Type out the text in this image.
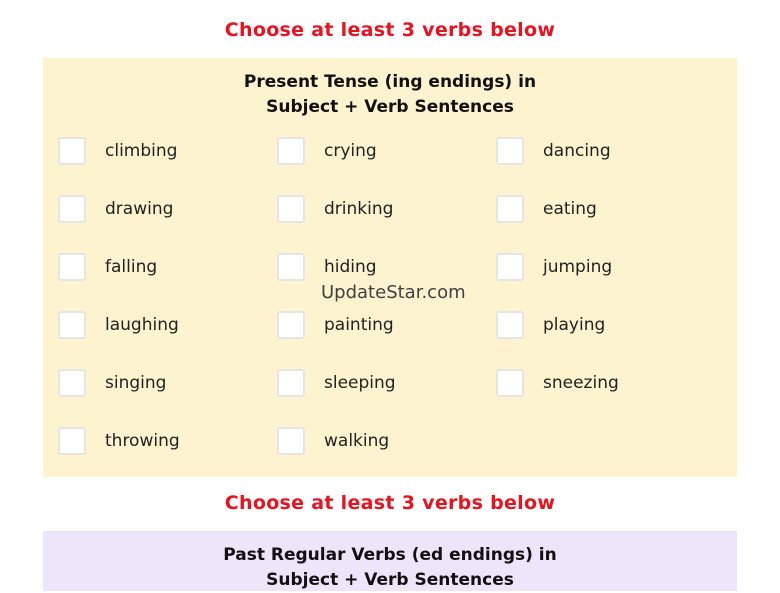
Choose at least 3 verbs below
Present Tense (ing endings) in
Subject + Verb Sentences
climbing	crying	dancing
drawing	drinking	eating
falling	hiding	jumping
laughing	painting	playing
singing	sleeping	sneezing
throwing	walking
UpdateStar.com
Choose at least 3 verbs below
Past Regular Verbs (ed endings) in
Subject + Verb Sentences
